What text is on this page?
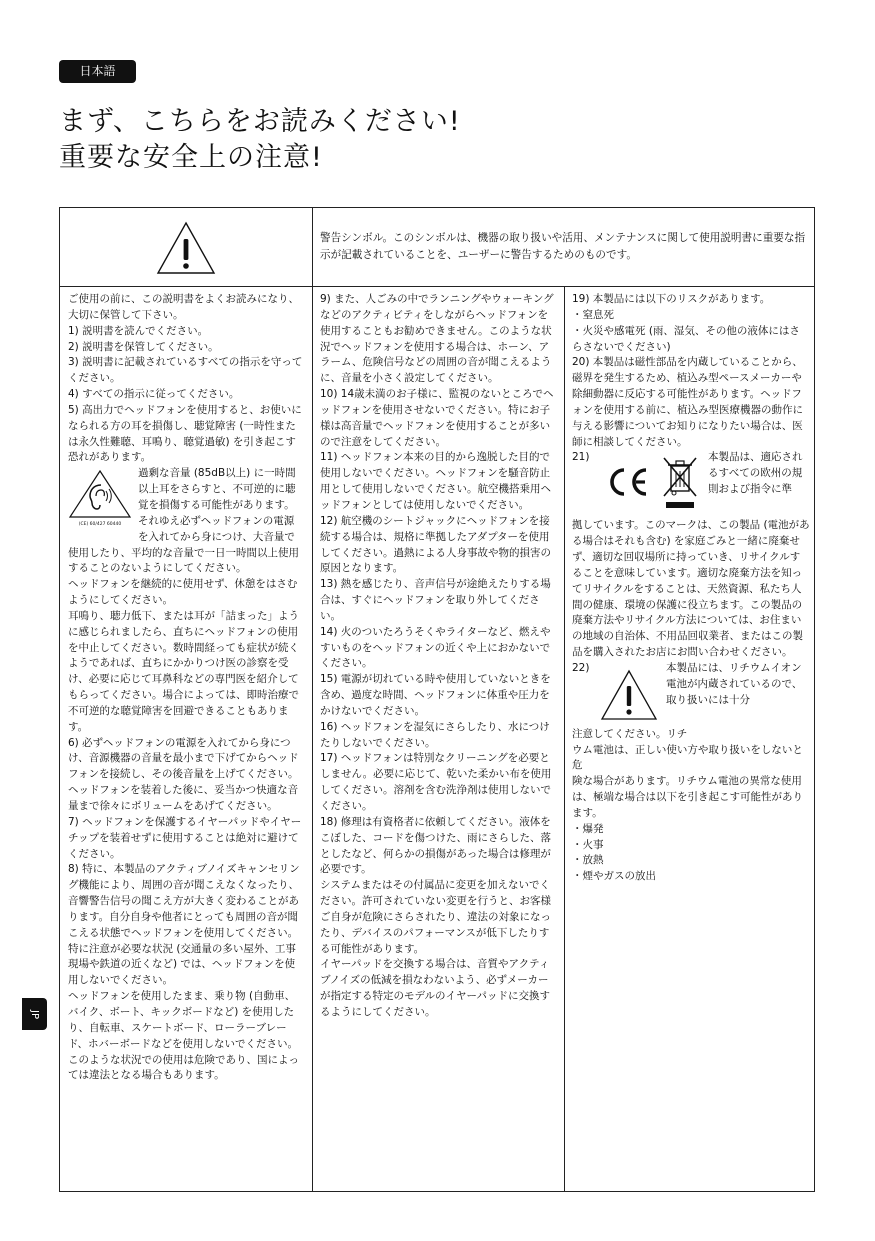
日本語
まず、こちらをお読みください!
重要な安全上の注意!
JP
警告シンボル。このシンボルは、機器の取り扱いや活用、メンテナンスに関して使用説明書に重要な指示が記載されていることを、ユーザーに警告するためのものです。

ご使用の前に、この説明書をよくお読みになり、大切に保管して下さい。

1) 説明書を読んでください。

2) 説明書を保管してください。

3) 説明書に記載されているすべての指示を守ってください。

4) すべての指示に従ってください。

5) 高出力でヘッドフォンを使用すると、お使いになられる方の耳を損傷し、聴覚障害 (一時性または永久性難聴、耳鳴り、聴覚過敏) を引き起こす恐れがあります。

(CE) 60/427 60440

過剰な音量 (85dB以上) に一時間以上耳をさらすと、不可逆的に聴覚を損傷する可能性があります。それゆえ必ずヘッドフォンの電源を入れてから身につけ、大音量で使用したり、平均的な音量で一日一時間以上使用することのないようにしてください。

ヘッドフォンを継続的に使用せず、休憩をはさむようにしてください。

耳鳴り、聴力低下、または耳が「詰まった」ように感じられましたら、直ちにヘッドフォンの使用を中止してください。数時間経っても症状が続くようであれば、直ちにかかりつけ医の診察を受け、必要に応じて耳鼻科などの専門医を紹介してもらってください。場合によっては、即時治療で不可逆的な聴覚障害を回避できることもあります。

6) 必ずヘッドフォンの電源を入れてから身につけ、音源機器の音量を最小まで下げてからヘッドフォンを接続し、その後音量を上げてください。ヘッドフォンを装着した後に、妥当かつ快適な音量まで徐々にボリュームをあげてください。

7) ヘッドフォンを保護するイヤーパッドやイヤーチップを装着せずに使用することは絶対に避けてください。

8) 特に、本製品のアクティブノイズキャンセリング機能により、周囲の音が聞こえなくなったり、音響警告信号の聞こえ方が大きく変わることがあります。自分自身や他者にとっても周囲の音が聞こえる状態でヘッドフォンを使用してください。

特に注意が必要な状況 (交通量の多い屋外、工事現場や鉄道の近くなど) では、ヘッドフォンを使用しないでください。

ヘッドフォンを使用したまま、乗り物 (自動車、バイク、ボート、キックボードなど) を使用したり、自転車、スケートボード、ローラーブレード、ホバーボードなどを使用しないでください。このような状況での使用は危険であり、国によっては違法となる場合もあります。

9) また、人ごみの中でランニングやウォーキングなどのアクティビティをしながらヘッドフォンを使用することもお勧めできません。このような状況でヘッドフォンを使用する場合は、ホーン、アラーム、危険信号などの周囲の音が聞こえるように、音量を小さく設定してください。

10) 14歳未満のお子様に、監視のないところでヘッドフォンを使用させないでください。特にお子様は高音量でヘッドフォンを使用することが多いので注意をしてください。

11) ヘッドフォン本来の目的から逸脱した目的で使用しないでください。ヘッドフォンを騒音防止用として使用しないでください。航空機搭乗用ヘッドフォンとしては使用しないでください。

12) 航空機のシートジャックにヘッドフォンを接続する場合は、規格に準拠したアダプターを使用してください。過熱による人身事故や物的損害の原因となります。

13) 熱を感じたり、音声信号が途絶えたりする場合は、すぐにヘッドフォンを取り外してください。

14) 火のついたろうそくやライターなど、燃えやすいものをヘッドフォンの近くや上におかないでください。

15) 電源が切れている時や使用していないときを含め、過度な時間、ヘッドフォンに体重や圧力をかけないでください。

16) ヘッドフォンを湿気にさらしたり、水につけたりしないでください。

17) ヘッドフォンは特別なクリーニングを必要としません。必要に応じて、乾いた柔かい布を使用してください。溶剤を含む洗浄剤は使用しないでください。

18) 修理は有資格者に依頼してください。液体をこぼした、コードを傷つけた、雨にさらした、落としたなど、何らかの損傷があった場合は修理が必要です。

システムまたはその付属品に変更を加えないでください。許可されていない変更を行うと、お客様ご自身が危険にさらされたり、違法の対象になったり、デバイスのパフォーマンスが低下したりする可能性があります。

イヤーパッドを交換する場合は、音質やアクティブノイズの低減を損なわないよう、必ずメーカーが指定する特定のモデルのイヤーパッドに交換するようにしてください。

19) 本製品には以下のリスクがあります。

・窒息死

・火災や感電死 (雨、湿気、その他の液体にはさらさないでください)

20) 本製品は磁性部品を内蔵していることから、磁界を発生するため、植込み型ペースメーカーや除細動器に反応する可能性があります。ヘッドフォンを使用する前に、植込み型医療機器の動作に与える影響についてお知りになりたい場合は、医師に相談してください。

21)	本製品は、適応されるすべての欧州の規則および指令に準

拠しています。このマークは、この製品 (電池がある場合はそれも含む) を家庭ごみと一緒に廃棄せず、適切な回収場所に持っていき、リサイクルすることを意味しています。適切な廃棄方法を知ってリサイクルをすることは、天然資源、私たち人間の健康、環境の保護に役立ちます。この製品の廃棄方法やリサイクル方法については、お住まいの地域の自治体、不用品回収業者、またはこの製品を購入されたお店にお問い合わせください。

22)	本製品には、リチウムイオン電池が内蔵されているので、取り扱いには十分

注意してください。リチ

ウム電池は、正しい使い方や取り扱いをしないと危

険な場合があります。リチウム電池の異常な使用は、極端な場合は以下を引き起こす可能性があります。

・爆発

・火事

・放熱

・煙やガスの放出
